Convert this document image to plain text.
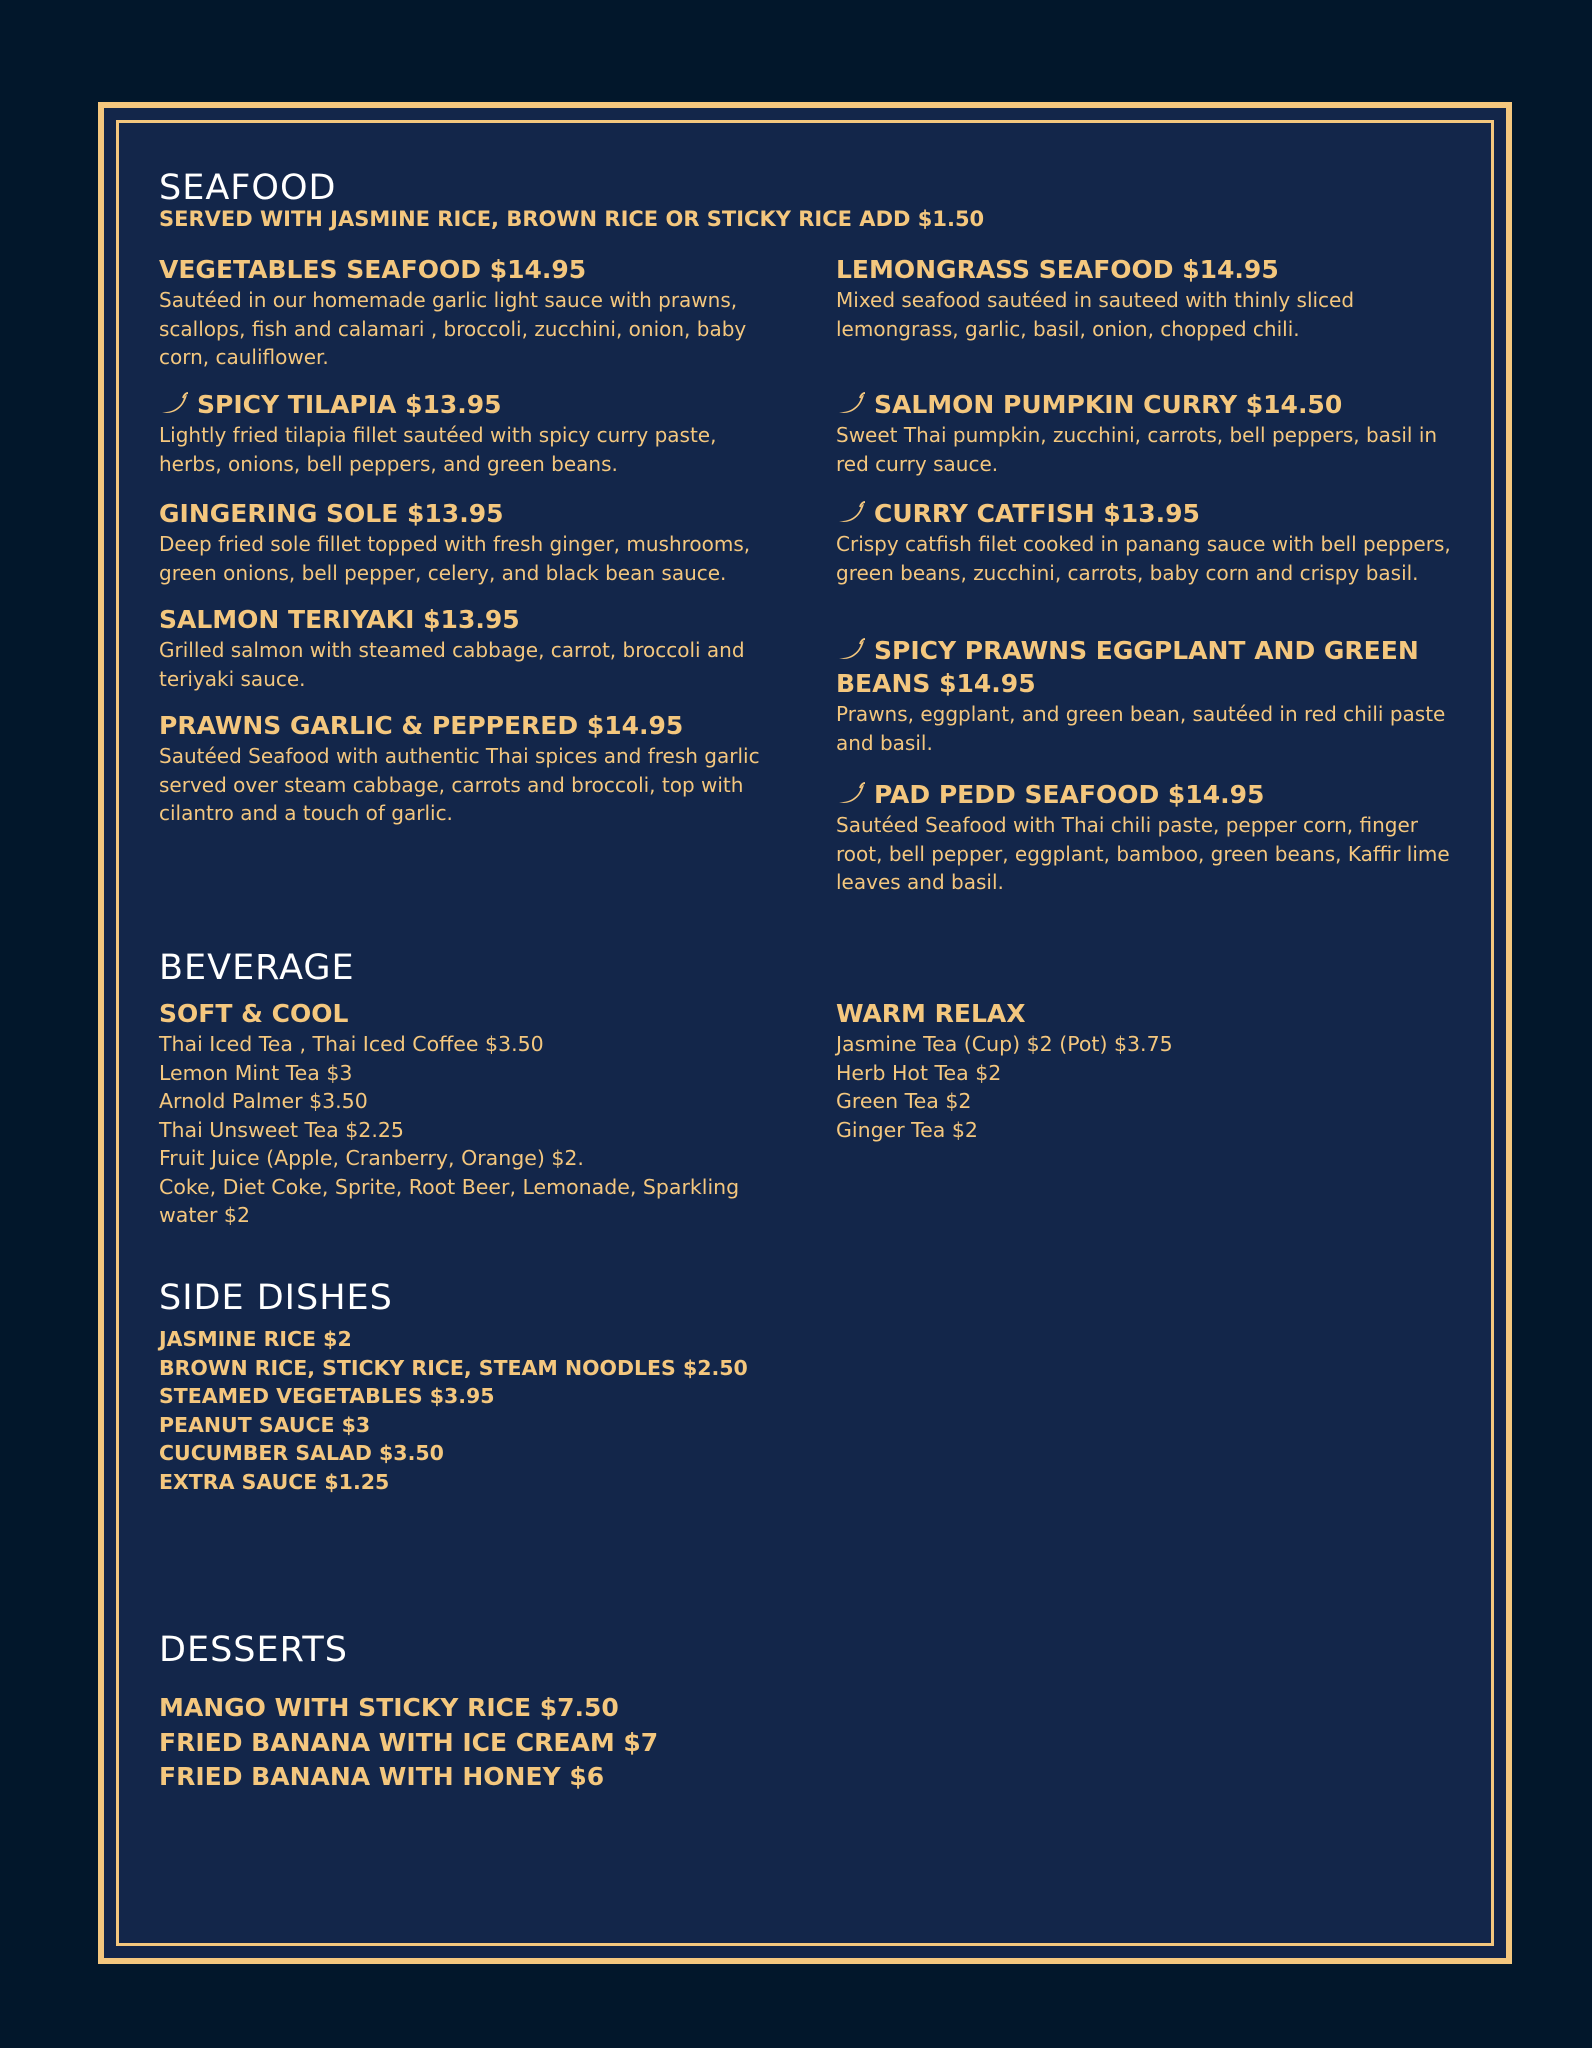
SEAFOOD
SERVED WITH JASMINE RICE, BROWN RICE OR STICKY RICE ADD $1.50
VEGETABLES SEAFOOD $14.95
Sautéed in our homemade garlic light sauce with prawns, scallops, fish and calamari , broccoli, zucchini, onion, baby corn, cauliflower.
SPICY TILAPIA $13.95
Lightly fried tilapia fillet sautéed with spicy curry paste, herbs, onions, bell peppers, and green beans.
GINGERING SOLE $13.95
Deep fried sole fillet topped with fresh ginger, mushrooms, green onions, bell pepper, celery, and black bean sauce.
SALMON TERIYAKI $13.95
Grilled salmon with steamed cabbage, carrot, broccoli and teriyaki sauce.
PRAWNS GARLIC & PEPPERED $14.95
Sautéed Seafood with authentic Thai spices and fresh garlic served over steam cabbage, carrots and broccoli, top with cilantro and a touch of garlic.
LEMONGRASS SEAFOOD $14.95
Mixed seafood sautéed in sauteed with thinly sliced lemongrass, garlic, basil, onion, chopped chili.
SALMON PUMPKIN CURRY $14.50
Sweet Thai pumpkin, zucchini, carrots, bell peppers, basil in red curry sauce.
CURRY CATFISH $13.95
Crispy catfish filet cooked in panang sauce with bell peppers, green beans, zucchini, carrots, baby corn and crispy basil.
SPICY PRAWNS EGGPLANT AND GREEN BEANS $14.95
Prawns, eggplant, and green bean, sautéed in red chili paste and basil.
PAD PEDD SEAFOOD $14.95
Sautéed Seafood with Thai chili paste, pepper corn, finger root, bell pepper, eggplant, bamboo, green beans, Kaffir lime leaves and basil.
BEVERAGE
SOFT & COOL
Thai Iced Tea , Thai Iced Coffee $3.50
Lemon Mint Tea $3
Arnold Palmer $3.50
Thai Unsweet Tea $2.25
Fruit Juice (Apple, Cranberry, Orange) $2.
Coke, Diet Coke, Sprite, Root Beer, Lemonade, Sparkling water $2
WARM RELAX
Jasmine Tea (Cup) $2 (Pot) $3.75
Herb Hot Tea $2
Green Tea $2
Ginger Tea $2
SIDE DISHES
JASMINE RICE $2
BROWN RICE, STICKY RICE, STEAM NOODLES $2.50
STEAMED VEGETABLES $3.95
PEANUT SAUCE $3
CUCUMBER SALAD $3.50
EXTRA SAUCE $1.25
DESSERTS
MANGO WITH STICKY RICE $7.50
FRIED BANANA WITH ICE CREAM $7
FRIED BANANA WITH HONEY $6
